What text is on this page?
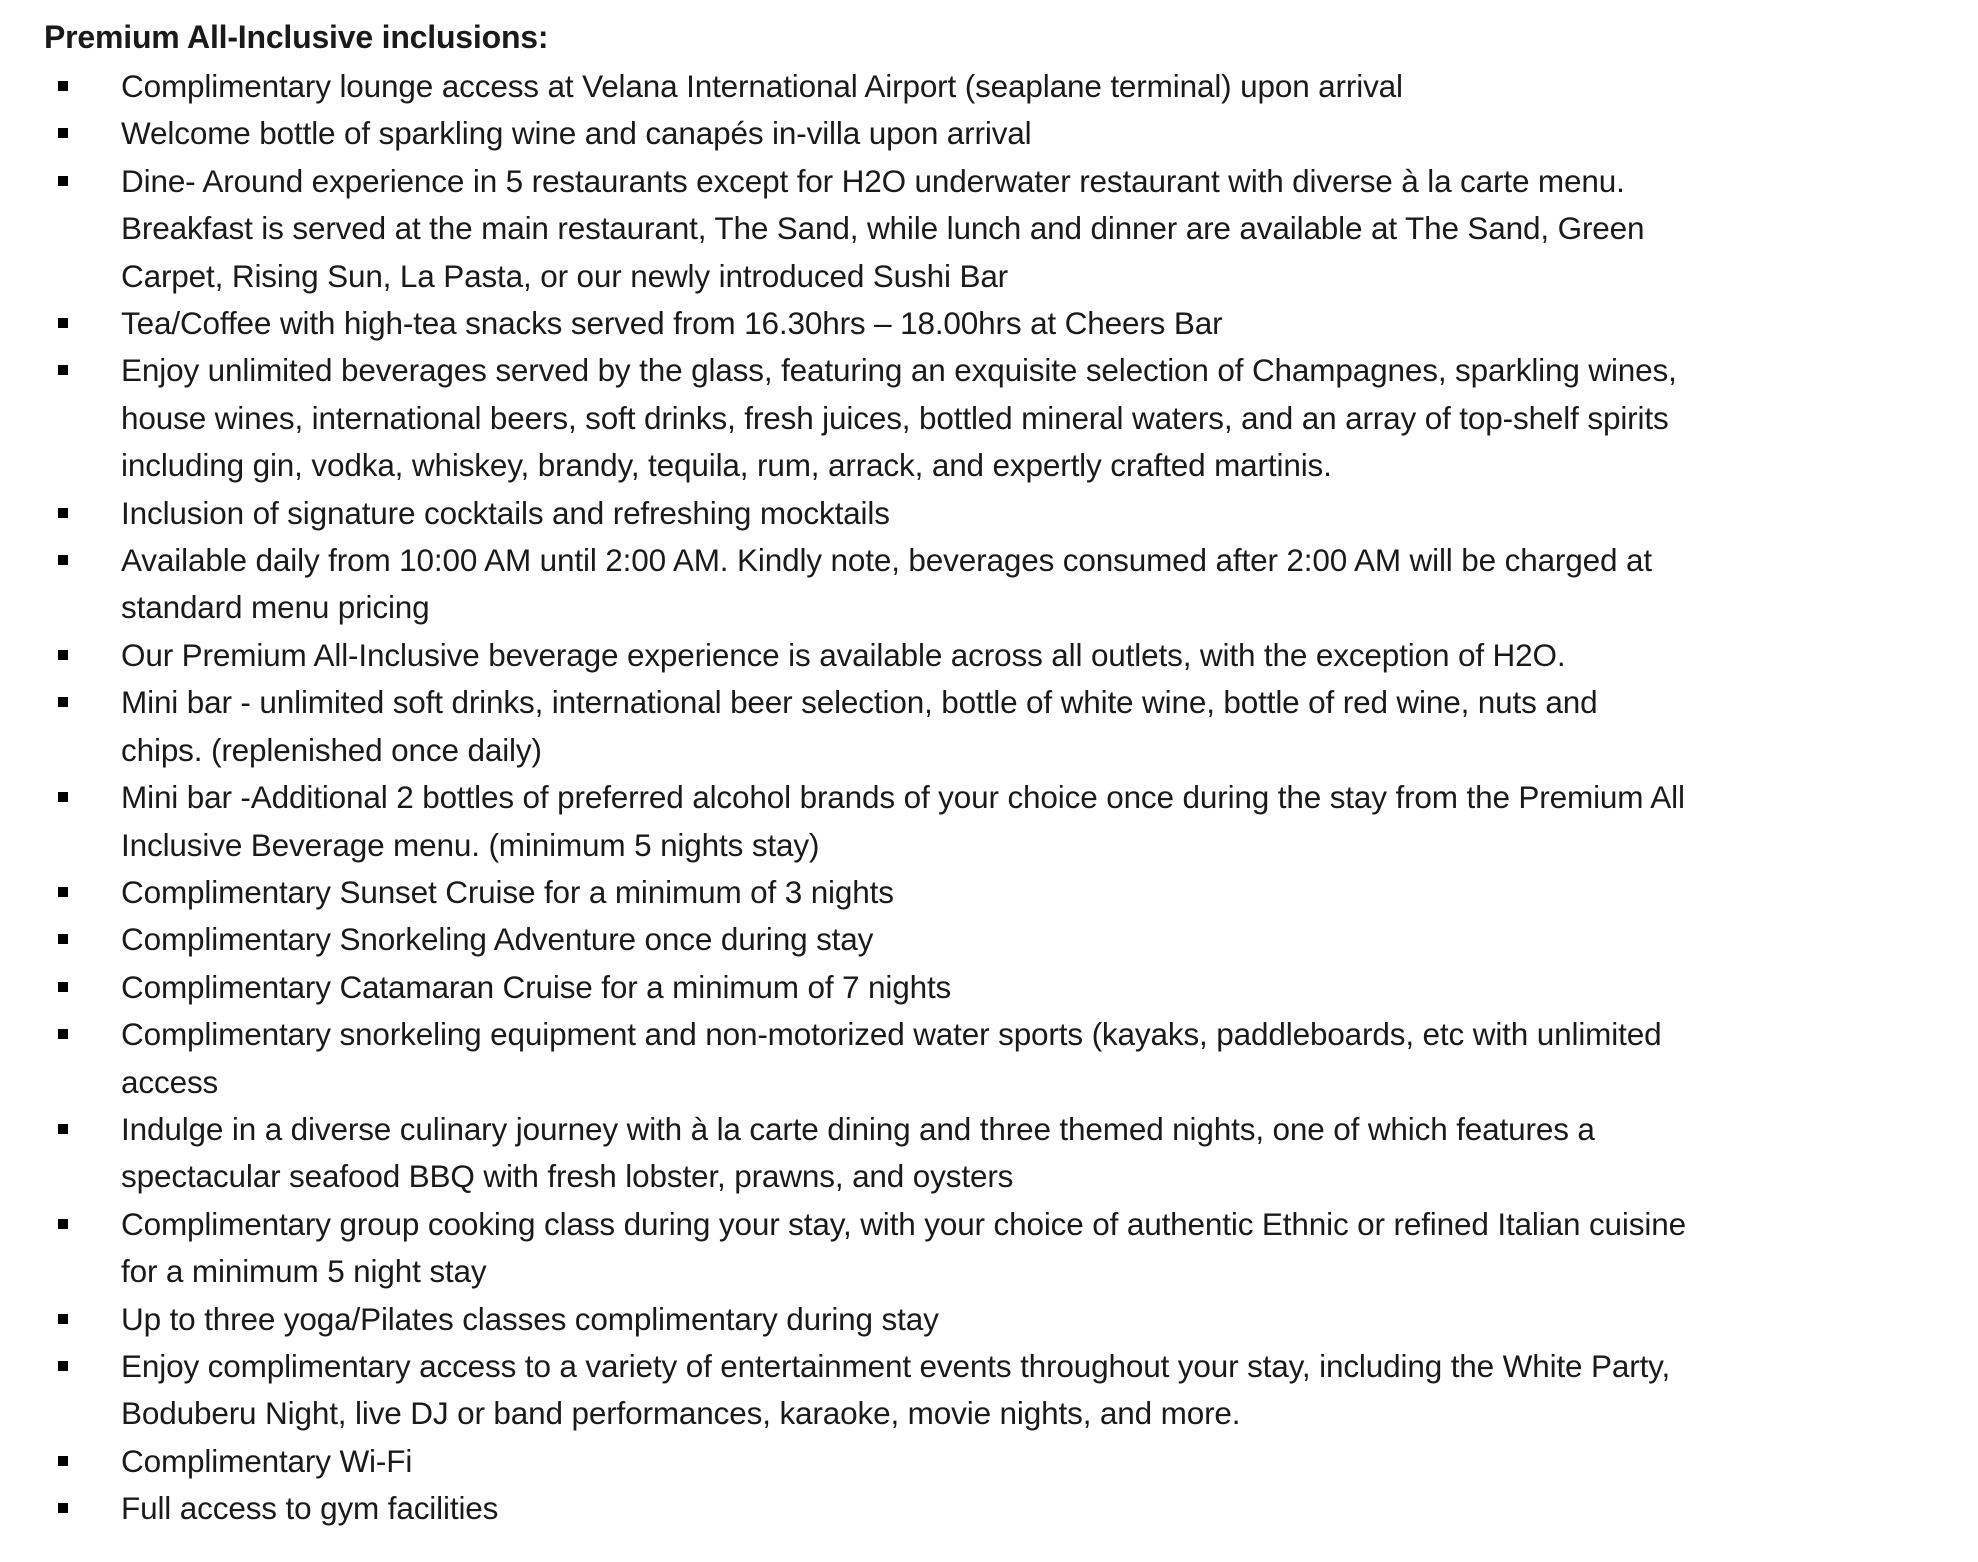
Premium All-Inclusive inclusions:
Complimentary lounge access at Velana International Airport (seaplane terminal) upon arrival
Welcome bottle of sparkling wine and canapés in-villa upon arrival
Dine- Around experience in 5 restaurants except for H2O underwater restaurant with diverse à la carte menu.
Breakfast is served at the main restaurant, The Sand, while lunch and dinner are available at The Sand, Green
Carpet, Rising Sun, La Pasta, or our newly introduced Sushi Bar
Tea/Coffee with high-tea snacks served from 16.30hrs – 18.00hrs at Cheers Bar
Enjoy unlimited beverages served by the glass, featuring an exquisite selection of Champagnes, sparkling wines,
house wines, international beers, soft drinks, fresh juices, bottled mineral waters, and an array of top-shelf spirits
including gin, vodka, whiskey, brandy, tequila, rum, arrack, and expertly crafted martinis.
Inclusion of signature cocktails and refreshing mocktails
Available daily from 10:00 AM until 2:00 AM. Kindly note, beverages consumed after 2:00 AM will be charged at
standard menu pricing
Our Premium All-Inclusive beverage experience is available across all outlets, with the exception of H2O.
Mini bar - unlimited soft drinks, international beer selection, bottle of white wine, bottle of red wine, nuts and
chips. (replenished once daily)
Mini bar -Additional 2 bottles of preferred alcohol brands of your choice once during the stay from the Premium All
Inclusive Beverage menu. (minimum 5 nights stay)
Complimentary Sunset Cruise for a minimum of 3 nights
Complimentary Snorkeling Adventure once during stay
Complimentary Catamaran Cruise for a minimum of 7 nights
Complimentary snorkeling equipment and non-motorized water sports (kayaks, paddleboards, etc with unlimited
access
Indulge in a diverse culinary journey with à la carte dining and three themed nights, one of which features a
spectacular seafood BBQ with fresh lobster, prawns, and oysters
Complimentary group cooking class during your stay, with your choice of authentic Ethnic or refined Italian cuisine
for a minimum 5 night stay
Up to three yoga/Pilates classes complimentary during stay
Enjoy complimentary access to a variety of entertainment events throughout your stay, including the White Party,
Boduberu Night, live DJ or band performances, karaoke, movie nights, and more.
Complimentary Wi-Fi
Full access to gym facilities
